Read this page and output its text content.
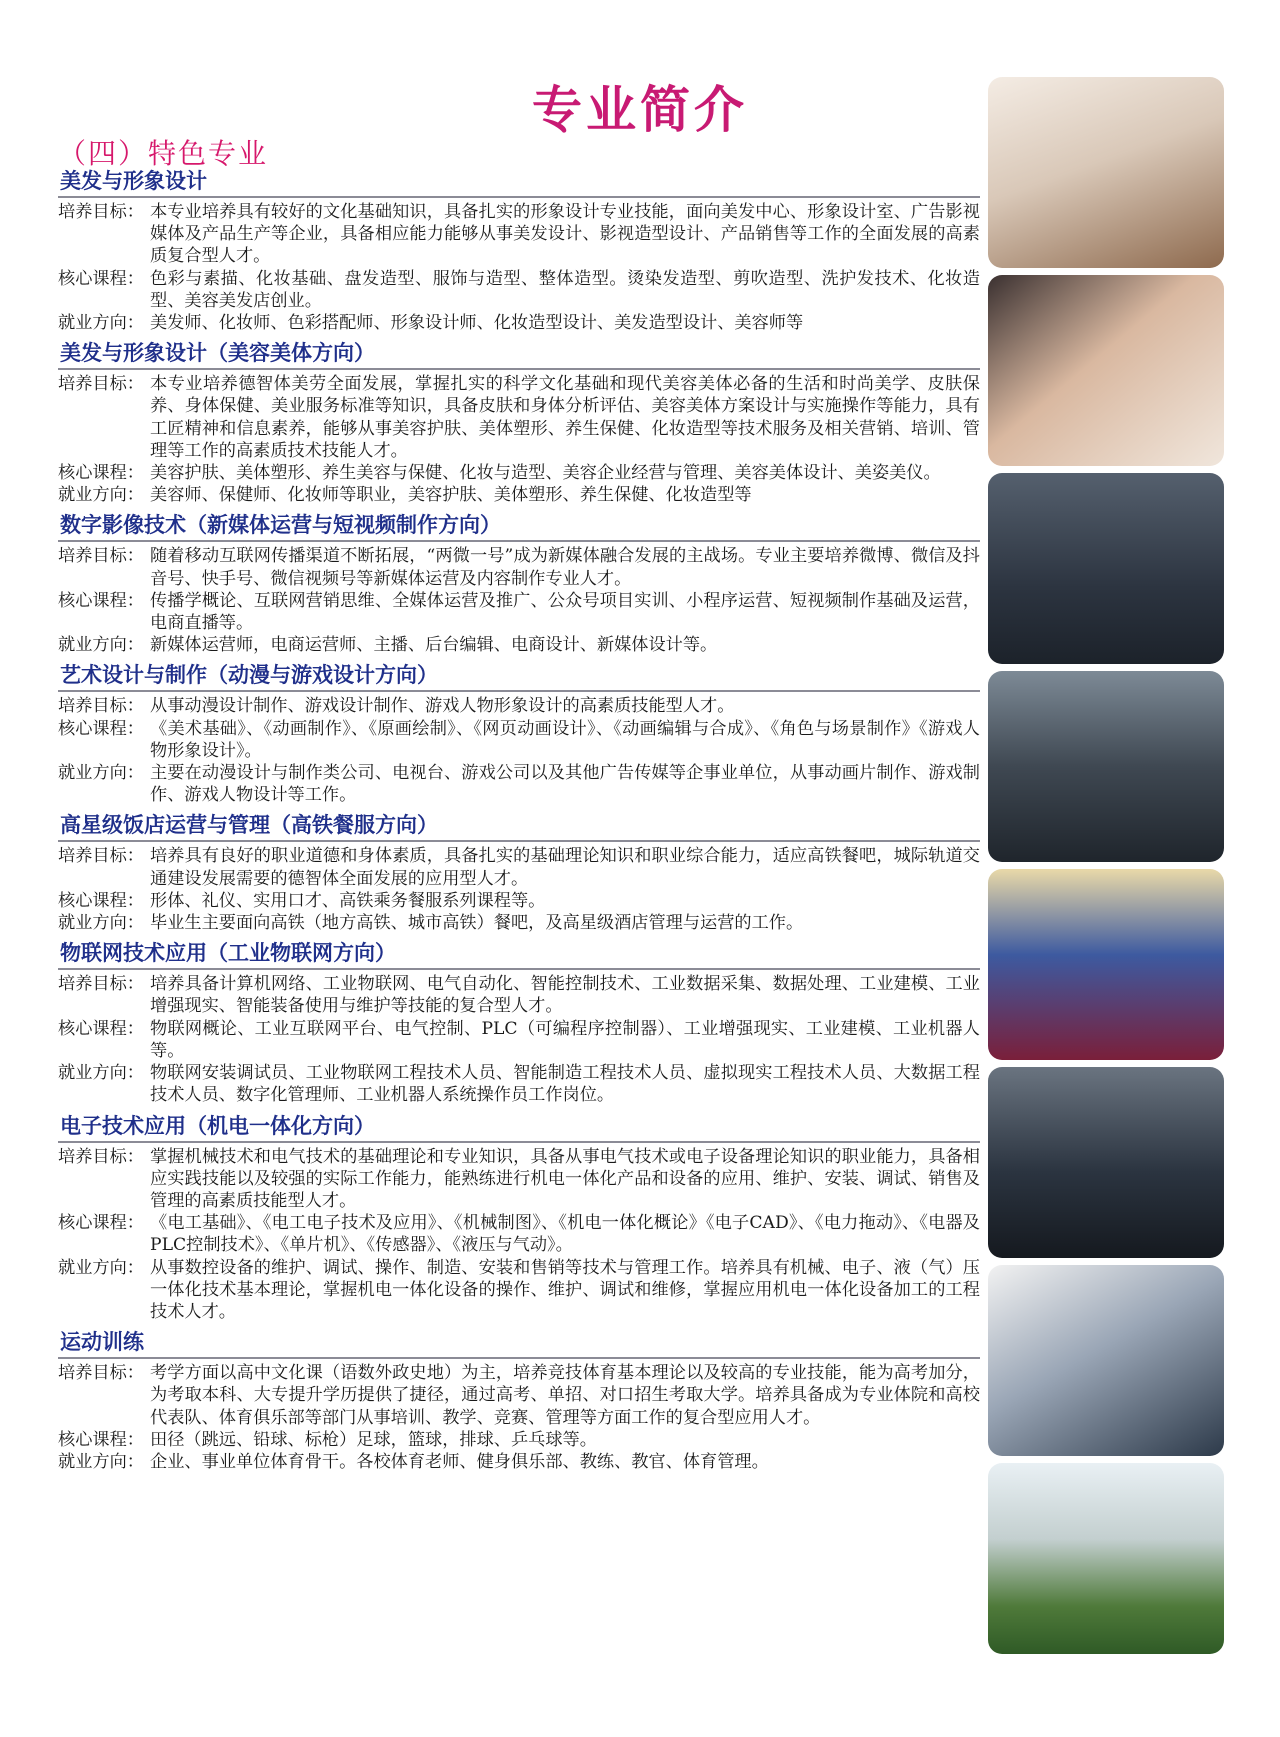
专业简介
（四）特色专业
美发与形象设计
培养目标： 本专业培养具有较好的文化基础知识，具备扎实的形象设计专业技能，面向美发中心、形象设计室、广告影视媒体及产品生产等企业，具备相应能力能够从事美发设计、影视造型设计、产品销售等工作的全面发展的高素质复合型人才。
核心课程： 色彩与素描、化妆基础、盘发造型、服饰与造型、整体造型。烫染发造型、剪吹造型、洗护发技术、化妆造型、美容美发店创业。
就业方向： 美发师、化妆师、色彩搭配师、形象设计师、化妆造型设计、美发造型设计、美容师等
美发与形象设计（美容美体方向）
培养目标： 本专业培养德智体美劳全面发展，掌握扎实的科学文化基础和现代美容美体必备的生活和时尚美学、皮肤保养、身体保健、美业服务标准等知识，具备皮肤和身体分析评估、美容美体方案设计与实施操作等能力，具有工匠精神和信息素养，能够从事美容护肤、美体塑形、养生保健、化妆造型等技术服务及相关营销、培训、管理等工作的高素质技术技能人才。
核心课程： 美容护肤、美体塑形、养生美容与保健、化妆与造型、美容企业经营与管理、美容美体设计、美姿美仪。
就业方向： 美容师、保健师、化妆师等职业，美容护肤、美体塑形、养生保健、化妆造型等
数字影像技术（新媒体运营与短视频制作方向）
培养目标： 随着移动互联网传播渠道不断拓展，“两微一号”成为新媒体融合发展的主战场。专业主要培养微博、微信及抖音号、快手号、微信视频号等新媒体运营及内容制作专业人才。
核心课程： 传播学概论、互联网营销思维、全媒体运营及推广、公众号项目实训、小程序运营、短视频制作基础及运营，电商直播等。
就业方向： 新媒体运营师，电商运营师、主播、后台编辑、电商设计、新媒体设计等。
艺术设计与制作（动漫与游戏设计方向）
培养目标： 从事动漫设计制作、游戏设计制作、游戏人物形象设计的高素质技能型人才。
核心课程： 《美术基础》、《动画制作》、《原画绘制》、《网页动画设计》、《动画编辑与合成》、《角色与场景制作》《游戏人物形象设计》。
就业方向： 主要在动漫设计与制作类公司、电视台、游戏公司以及其他广告传媒等企事业单位，从事动画片制作、游戏制作、游戏人物设计等工作。
高星级饭店运营与管理（高铁餐服方向）
培养目标： 培养具有良好的职业道德和身体素质，具备扎实的基础理论知识和职业综合能力，适应高铁餐吧，城际轨道交通建设发展需要的德智体全面发展的应用型人才。
核心课程： 形体、礼仪、实用口才、高铁乘务餐服系列课程等。
就业方向： 毕业生主要面向高铁（地方高铁、城市高铁）餐吧，及高星级酒店管理与运营的工作。
物联网技术应用（工业物联网方向）
培养目标： 培养具备计算机网络、工业物联网、电气自动化、智能控制技术、工业数据采集、数据处理、工业建模、工业增强现实、智能装备使用与维护等技能的复合型人才。
核心课程： 物联网概论、工业互联网平台、电气控制、PLC（可编程序控制器）、工业增强现实、工业建模、工业机器人等。
就业方向： 物联网安装调试员、工业物联网工程技术人员、智能制造工程技术人员、虚拟现实工程技术人员、大数据工程技术人员、数字化管理师、工业机器人系统操作员工作岗位。
电子技术应用（机电一体化方向）
培养目标： 掌握机械技术和电气技术的基础理论和专业知识，具备从事电气技术或电子设备理论知识的职业能力，具备相应实践技能以及较强的实际工作能力，能熟练进行机电一体化产品和设备的应用、维护、安装、调试、销售及管理的高素质技能型人才。
核心课程： 《电工基础》、《电工电子技术及应用》、《机械制图》、《机电一体化概论》《电子CAD》、《电力拖动》、《电器及PLC控制技术》、《单片机》、《传感器》、《液压与气动》。
就业方向： 从事数控设备的维护、调试、操作、制造、安装和售销等技术与管理工作。培养具有机械、电子、液（气）压一体化技术基本理论，掌握机电一体化设备的操作、维护、调试和维修，掌握应用机电一体化设备加工的工程技术人才。
运动训练
培养目标： 考学方面以高中文化课（语数外政史地）为主，培养竞技体育基本理论以及较高的专业技能，能为高考加分，为考取本科、大专提升学历提供了捷径，通过高考、单招、对口招生考取大学。培养具备成为专业体院和高校代表队、体育俱乐部等部门从事培训、教学、竞赛、管理等方面工作的复合型应用人才。
核心课程： 田径（跳远、铅球、标枪）足球，篮球，排球、乒乓球等。
就业方向： 企业、事业单位体育骨干。各校体育老师、健身俱乐部、教练、教官、体育管理。
